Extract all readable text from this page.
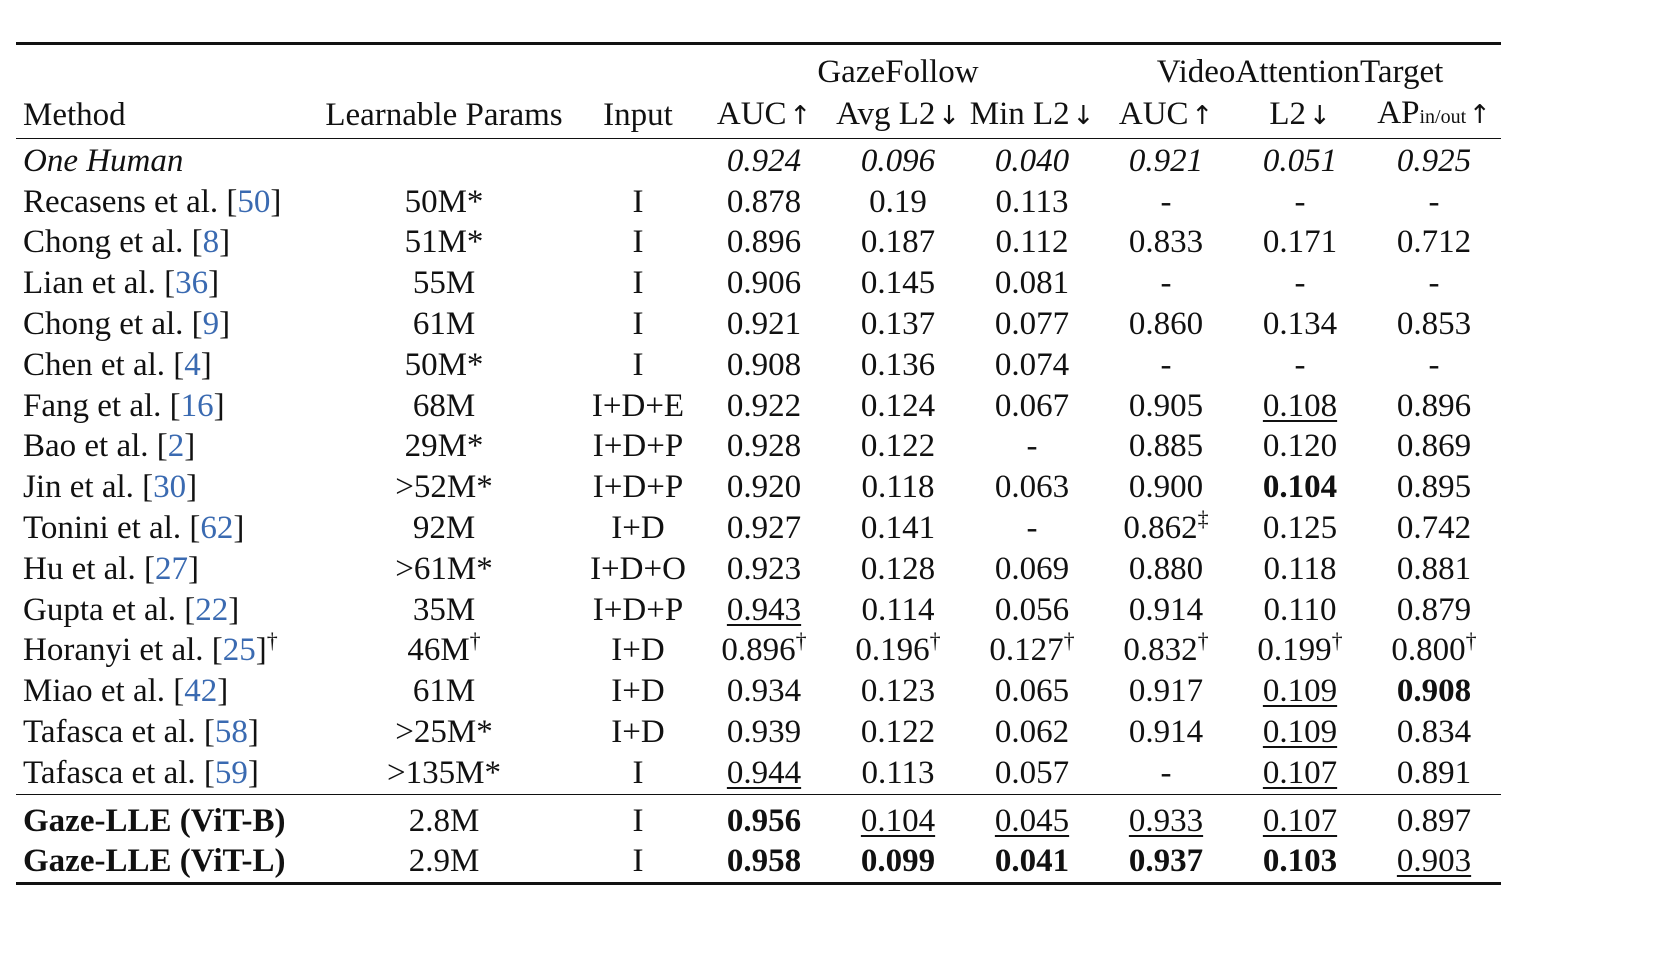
			GazeFollow			VideoAttentionTarget		
Method	Learnable Params	Input	AUC  ↑	Avg L2  ↓	Min L2  ↓	AUC  ↑	L2  ↓	APin/out  ↑
One Human			0.924	0.096	0.040	0.921	0.051	0.925
Recasens et al. [50]	50M*	I	0.878	0.19	0.113	-	-	-
Chong et al. [8]	51M*	I	0.896	0.187	0.112	0.833	0.171	0.712
Lian et al. [36]	55M	I	0.906	0.145	0.081	-	-	-
Chong et al. [9]	61M	I	0.921	0.137	0.077	0.860	0.134	0.853
Chen et al. [4]	50M*	I	0.908	0.136	0.074	-	-	-
Fang et al. [16]	68M	I+D+E	0.922	0.124	0.067	0.905	0.108	0.896
Bao et al. [2]	29M*	I+D+P	0.928	0.122	-	0.885	0.120	0.869
Jin et al. [30]	>52M*	I+D+P	0.920	0.118	0.063	0.900	0.104	0.895
Tonini et al. [62]	92M	I+D	0.927	0.141	-	0.862‡	0.125	0.742
Hu et al. [27]	>61M*	I+D+O	0.923	0.128	0.069	0.880	0.118	0.881
Gupta et al. [22]	35M	I+D+P	0.943	0.114	0.056	0.914	0.110	0.879
Horanyi et al. [25]†	46M†	I+D	0.896†	0.196†	0.127†	0.832†	0.199†	0.800†
Miao et al. [42]	61M	I+D	0.934	0.123	0.065	0.917	0.109	0.908
Tafasca et al. [58]	>25M*	I+D	0.939	0.122	0.062	0.914	0.109	0.834
Tafasca et al. [59]	>135M*	I	0.944	0.113	0.057	-	0.107	0.891
Gaze-LLE (ViT-B)	2.8M	I	0.956	0.104	0.045	0.933	0.107	0.897
Gaze-LLE (ViT-L)	2.9M	I	0.958	0.099	0.041	0.937	0.103	0.903
